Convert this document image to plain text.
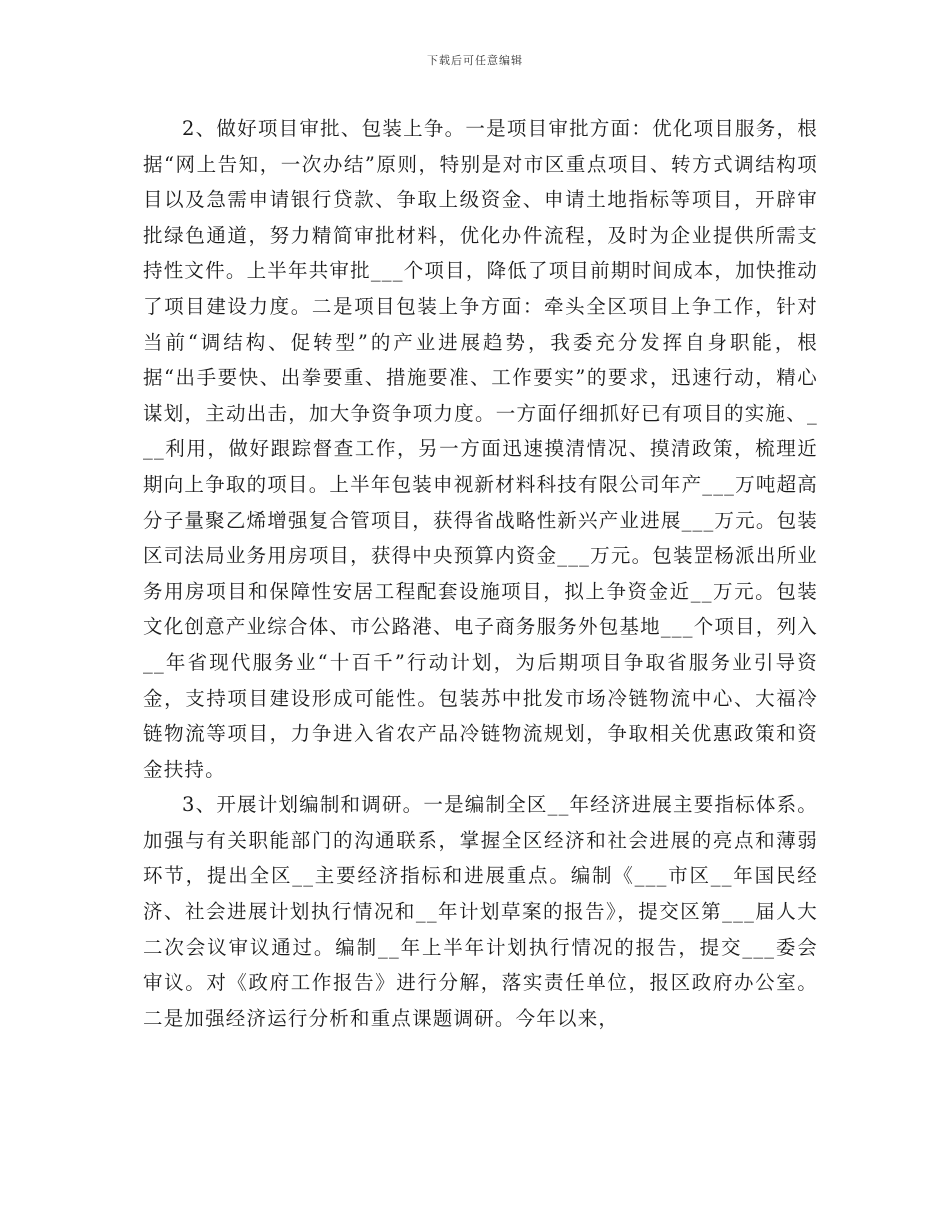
下载后可任意编辑

2、做好项目审批、包装上争。一是项目审批方面：优化项目服务，根据“网上告知，一次办结”原则，特别是对市区重点项目、转方式调结构项目以及急需申请银行贷款、争取上级资金、申请土地指标等项目，开辟审批绿色通道，努力精简审批材料，优化办件流程，及时为企业提供所需支持性文件。上半年共审批___个项目，降低了项目前期时间成本，加快推动了项目建设力度。二是项目包装上争方面：牵头全区项目上争工作，针对当前“调结构、促转型”的产业进展趋势，我委充分发挥自身职能，根据“出手要快、出拳要重、措施要准、工作要实”的要求，迅速行动，精心谋划，主动出击，加大争资争项力度。一方面仔细抓好已有项目的实施、___利用，做好跟踪督查工作，另一方面迅速摸清情况、摸清政策，梳理近期向上争取的项目。上半年包装申视新材料科技有限公司年产___万吨超高分子量聚乙烯增强复合管项目，获得省战略性新兴产业进展___万元。包装区司法局业务用房项目，获得中央预算内资金___万元。包装罡杨派出所业务用房项目和保障性安居工程配套设施项目，拟上争资金近__万元。包装文化创意产业综合体、市公路港、电子商务服务外包基地___个项目，列入__年省现代服务业“十百千”行动计划，为后期项目争取省服务业引导资金，支持项目建设形成可能性。包装苏中批发市场冷链物流中心、大福冷链物流等项目，力争进入省农产品冷链物流规划，争取相关优惠政策和资金扶持。

3、开展计划编制和调研。一是编制全区__年经济进展主要指标体系。加强与有关职能部门的沟通联系，掌握全区经济和社会进展的亮点和薄弱环节，提出全区__主要经济指标和进展重点。编制《___市区__年国民经济、社会进展计划执行情况和__年计划草案的报告》，提交区第___届人大二次会议审议通过。编制__年上半年计划执行情况的报告，提交___委会审议。对《政府工作报告》进行分解，落实责任单位，报区政府办公室。二是加强经济运行分析和重点课题调研。今年以来，
